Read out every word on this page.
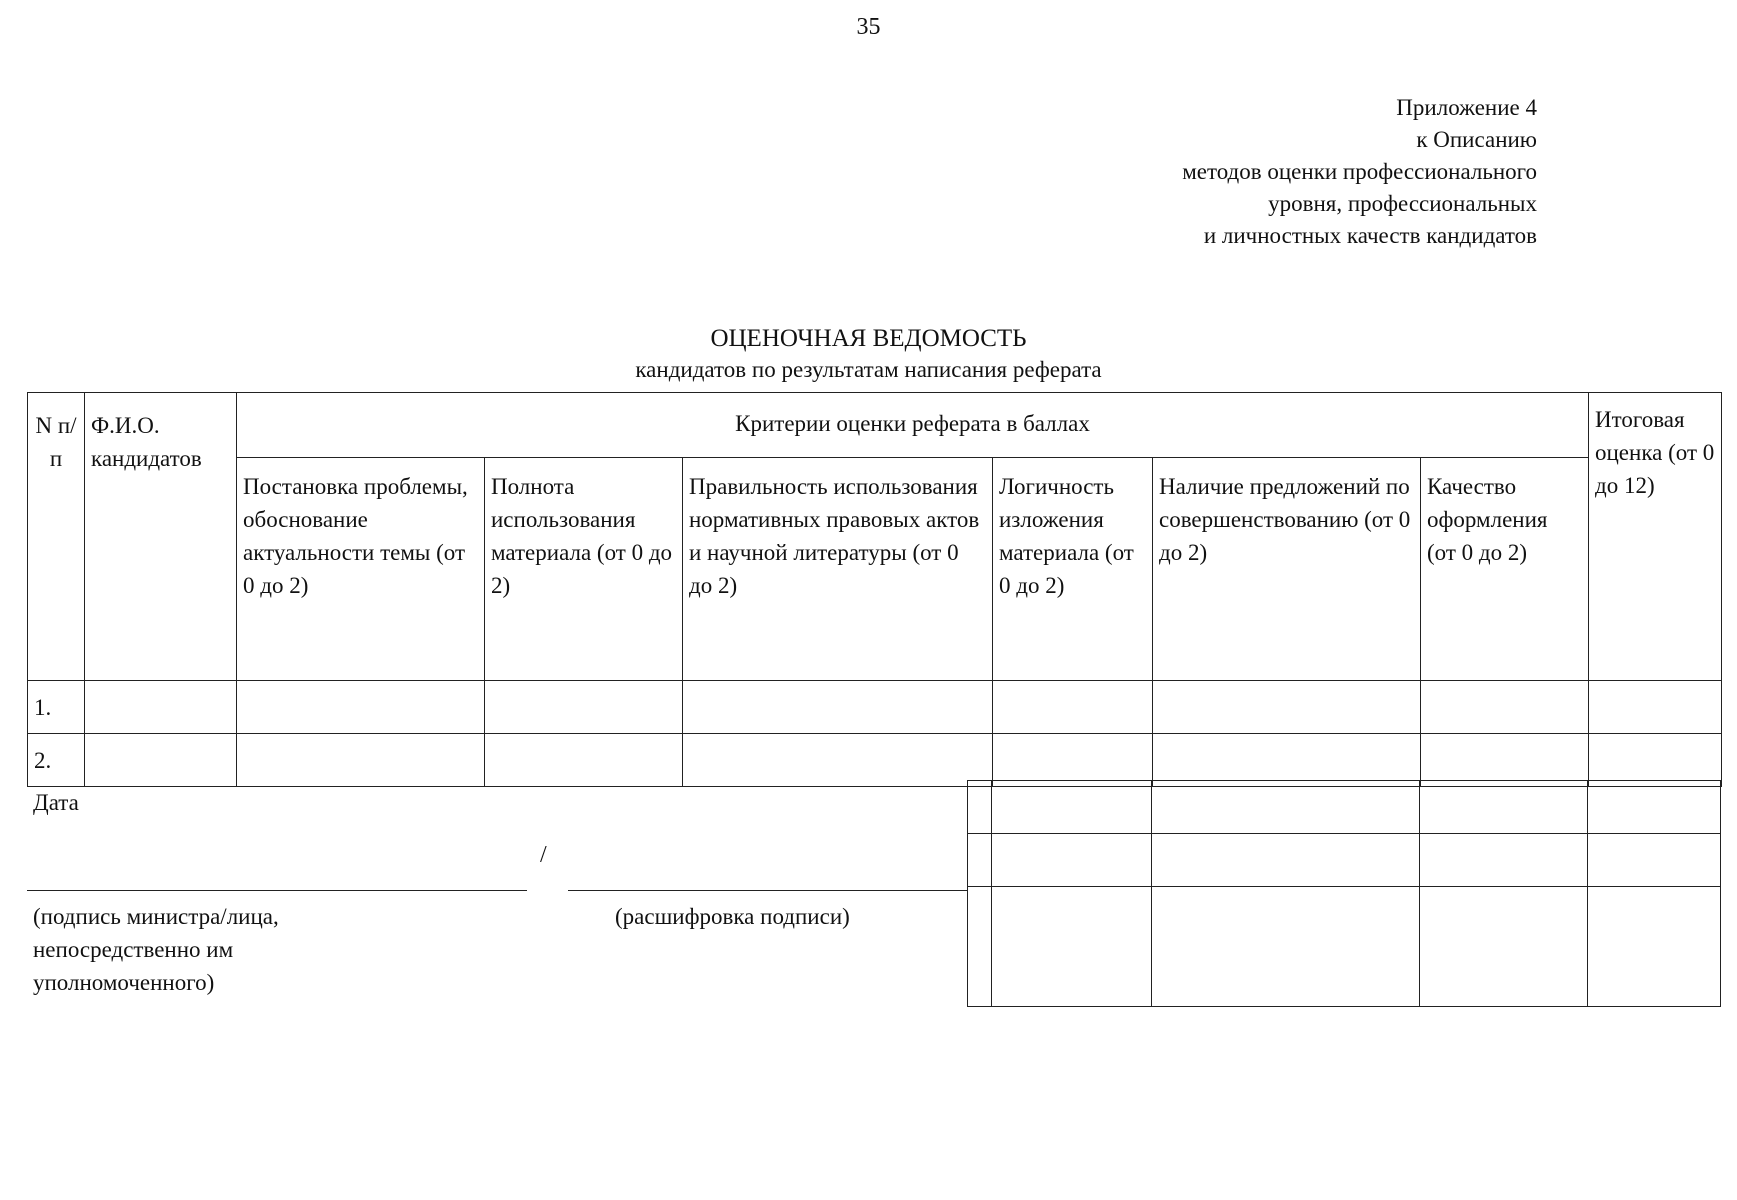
35
Приложение 4
к Описанию
методов оценки профессионального
уровня, профессиональных
и личностных качеств кандидатов
ОЦЕНОЧНАЯ ВЕДОМОСТЬ
кандидатов по результатам написания реферата
N п/п	Ф.И.О. кандидатов	Критерии оценки реферата в баллах						Итоговая оценка (от 0 до 12)
		Постановка проблемы, обоснование актуальности темы (от 0 до 2)	Полнота использования материала (от 0 до 2)	Правильность использования нормативных правовых актов и научной литературы (от 0 до 2)	Логичность изложения материала (от 0 до 2)	Наличие предложений по совершенствованию (от 0 до 2)	Качество оформления (от 0 до 2)	
1.								
2.								

Дата
/
(подпись министра/лица, непосредственно им уполномоченного)
(расшифровка подписи)
